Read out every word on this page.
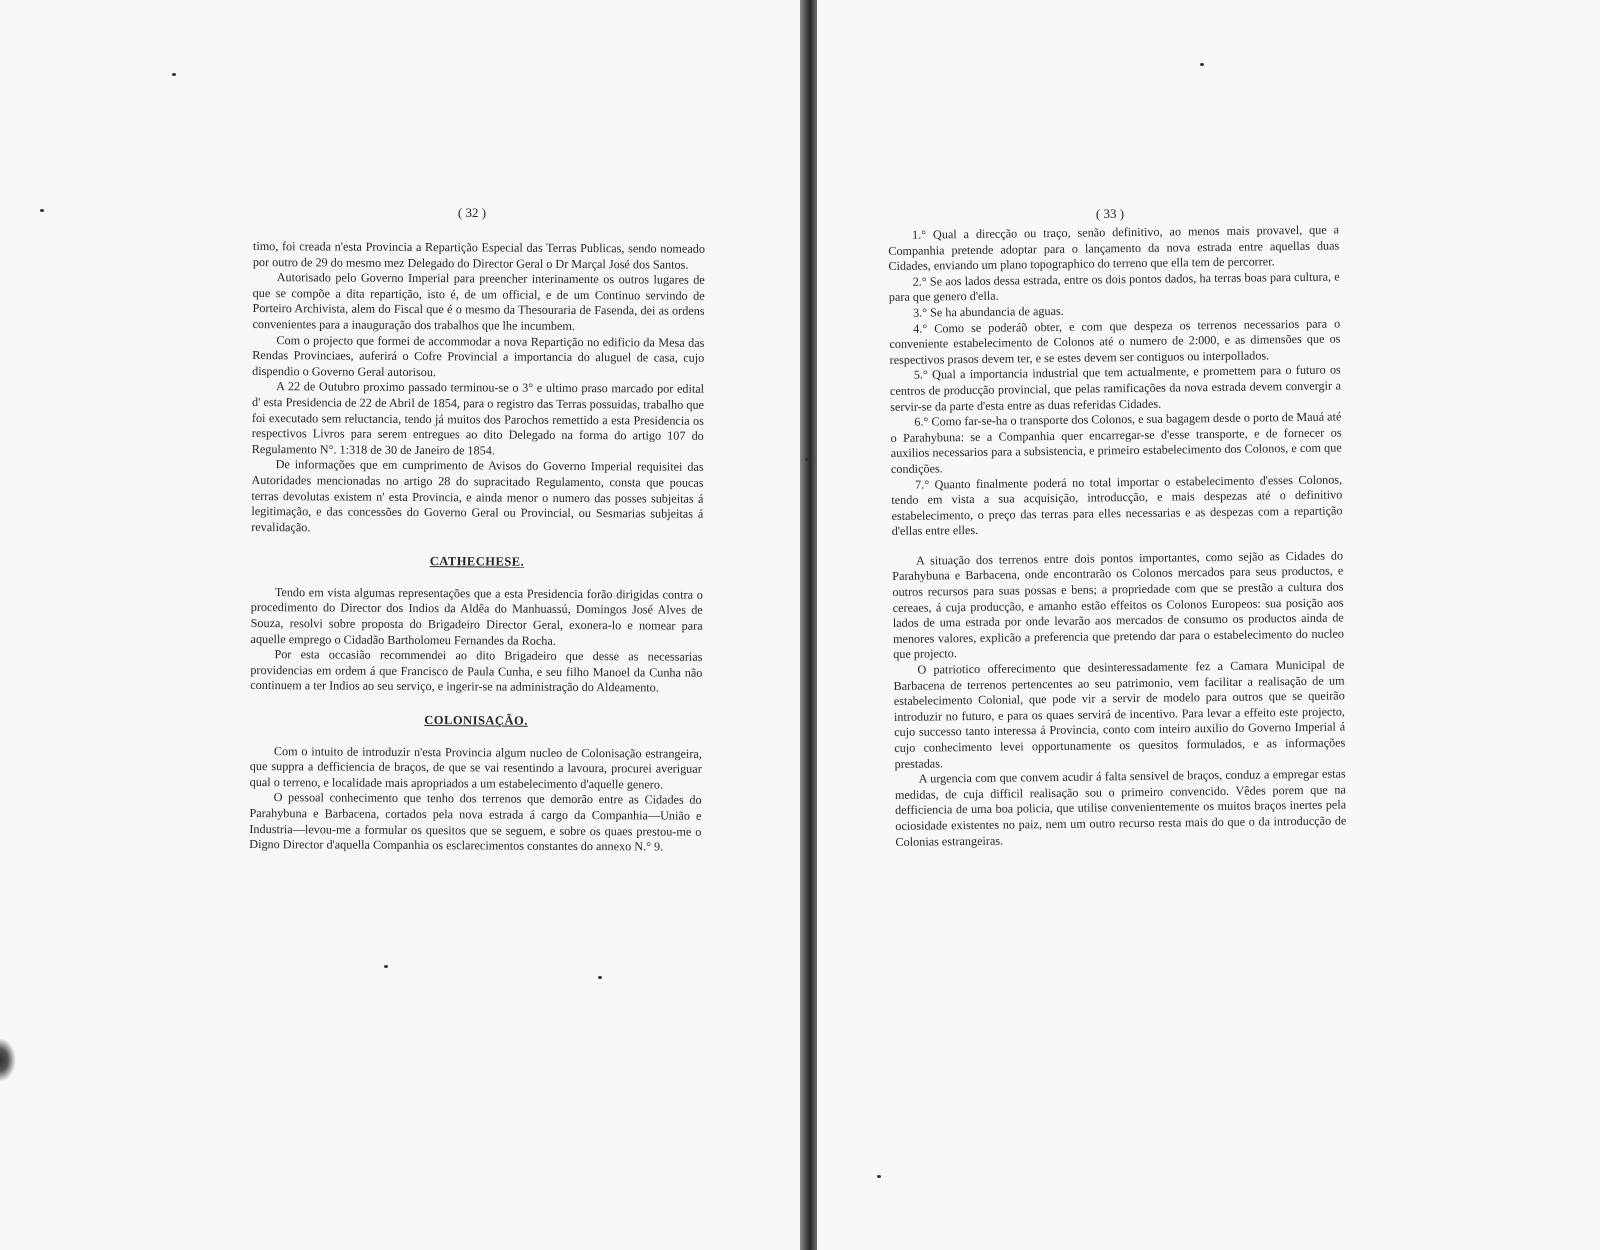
( 32 )

timo, foi creada n'esta Provincia a Repartição Especial das Terras Publicas, sendo nomeado por outro de 29 do mesmo mez Delegado do Director Geral o Dr Marçal José dos Santos.

Autorisado pelo Governo Imperial para preencher interinamente os outros lugares de que se compõe a dita repartição, isto é, de um official, e de um Continuo servindo de Porteiro Archivista, alem do Fiscal que é o mesmo da Thesouraria de Fasenda, dei as ordens convenientes para a inauguração dos trabalhos que lhe incumbem.

Com o projecto que formei de accommodar a nova Repartição no edificio da Mesa das Rendas Provinciaes, auferirá o Cofre Provincial a importancia do aluguel de casa, cujo dispendio o Governo Geral autorisou.

A 22 de Outubro proximo passado terminou-se o 3° e ultimo praso marcado por edital d' esta Presidencia de 22 de Abril de 1854, para o registro das Terras possuidas, trabalho que foi executado sem reluctancia, tendo já muitos dos Parochos remettido a esta Presidencia os respectivos Livros para serem entregues ao dito Delegado na forma do artigo 107 do Regulamento N°. 1:318 de 30 de Janeiro de 1854.

De informações que em cumprimento de Avisos do Governo Imperial requisitei das Autoridades mencionadas no artigo 28 do supracitado Regulamento, consta que poucas terras devolutas existem n' esta Provincia, e ainda menor o numero das posses subjeitas á legitimação, e das concessões do Governo Geral ou Provincial, ou Sesmarias subjeitas á revalidação.

CATHECHESE.

Tendo em vista algumas representações que a esta Presidencia forão dirigidas contra o procedimento do Director dos Indios da Aldêa do Manhuassú, Domingos José Alves de Souza, resolvi sobre proposta do Brigadeiro Director Geral, exonera-lo e nomear para aquelle emprego o Cidadão Bartholomeu Fernandes da Rocha.

Por esta occasião recommendei ao dito Brigadeiro que desse as necessarias providencias em ordem á que Francisco de Paula Cunha, e seu filho Manoel da Cunha não continuem a ter Indios ao seu serviço, e ingerir-se na administração do Aldeamento.

COLONISAÇÃO.

Com o intuito de introduzir n'esta Provincia algum nucleo de Colonisação estrangeira, que supprа a defficiencia de braços, de que se vai resentindo a lavoura, procurei averiguar qual o terreno, e localidade mais apropriados a um estabelecimento d'aquelle genero.

O pessoal conhecimento que tenho dos terrenos que demorão entre as Cidades do Parahybuna e Barbacena, cortados pela nova estrada á cargo da Companhia—União e Industria—levou-me a formular os quesitos que se seguem, e sobre os quaes prestou-me o Digno Director d'aquella Companhia os esclarecimentos constantes do annexo N.° 9.

( 33 )

1.° Qual a direcção ou traço, senão definitivo, ao menos mais provavel, que a Companhia pretende adoptar para o lançamento da nova estrada entre aquellas duas Cidades, enviando um plano topographico do terreno que ella tem de percorrer.

2.° Se aos lados dessa estrada, entre os dois pontos dados, ha terras boas para cultura, e para que genero d'ella.

3.° Se ha abundancia de aguas.

4.° Como se poderáõ obter, e com que despeza os terrenos necessarios para o conveniente estabelecimento de Colonos até o numero de 2:000, e as dimensões que os respectivos prasos devem ter, e se estes devem ser contiguos ou interpollados.

5.° Qual a importancia industrial que tem actualmente, e promettem para o futuro os centros de producção provincial, que pelas ramificações da nova estrada devem convergir a servir-se da parte d'esta entre as duas referidas Cidades.

6.° Como far-se-ha o transporte dos Colonos, e sua bagagem desde o porto de Mauá até o Parahybuna: se a Companhia quer encarregar-se d'esse transporte, e de fornecer os auxilios necessarios para a subsistencia, e primeiro estabelecimento dos Colonos, e com que condições.

7.° Quanto finalmente poderá no total importar o estabelecimento d'esses Colonos, tendo em vista a sua acquisição, introducção, e mais despezas até o definitivo estabelecimento, o preço das terras para elles necessarias e as despezas com a repartição d'ellas entre elles.

A situação dos terrenos entre dois pontos importantes, como sejão as Cidades do Parahybuna e Barbacena, onde encontrarão os Colonos mercados para seus productos, e outros recursos para suas possas e bens; a propriedade com que se prestão a cultura dos cereaes, á cuja producção, e amanho estão effeitos os Colonos Europeos: sua posição aos lados de uma estrada por onde levarão aos mercados de consumo os productos ainda de menores valores, explicão a preferencia que pretendo dar para o estabelecimento do nucleo que projecto.

O patriotico offerecimento que desinteressadamente fez a Camara Municipal de Barbacena de terrenos pertencentes ao seu patrimonio, vem facilitar a realisação de um estabelecimento Colonial, que pode vir a servir de modelo para outros que se queirão introduzir no futuro, e para os quaes servirá de incentivo. Para levar a effeito este projecto, cujo successo tanto interessa á Provincia, conto com inteiro auxilio do Governo Imperial á cujo conhecimento levei opportunamente os quesitos formulados, e as informações prestadas.

A urgencia com que convem acudir á falta sensivel de braços, conduz a empregar estas medidas, de cuja difficil realisação sou o primeiro convencido. Vêdes porem que na defficiencia de uma boa policia, que utilise convenientemente os muitos braços inertes pela ociosidade existentes no paiz, nem um outro recurso resta mais do que o da introducção de Colonias estrangeiras.
